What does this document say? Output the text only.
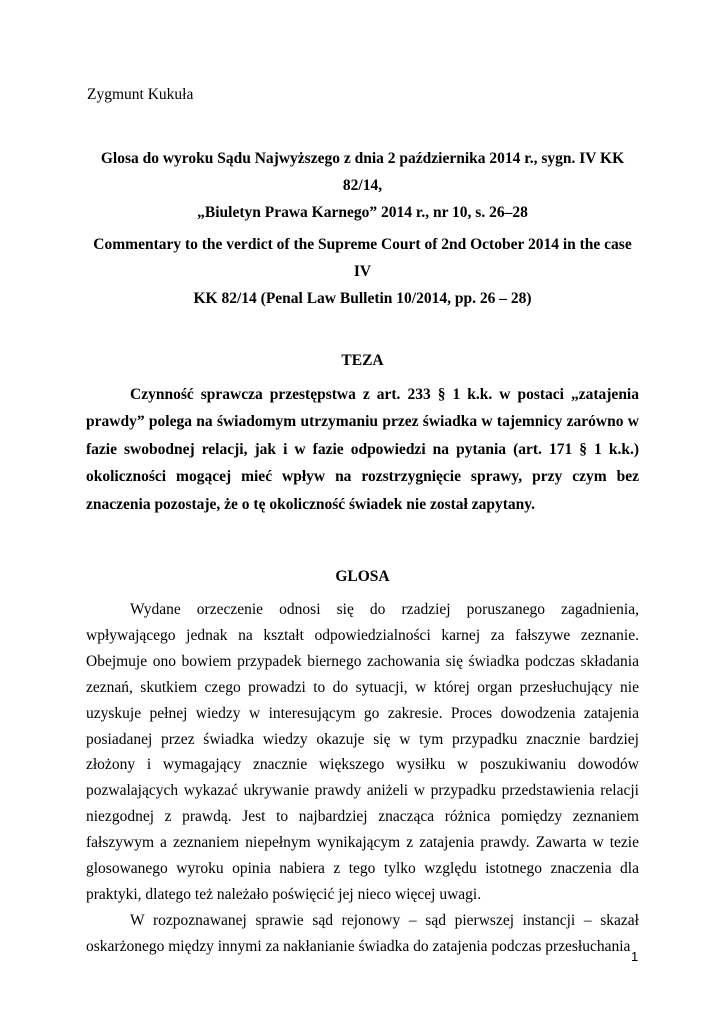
Zygmunt Kukuła
Glosa do wyroku Sądu Najwyższego z dnia 2 października 2014 r., sygn. IV KK 82/14,
„Biuletyn Prawa Karnego” 2014 r., nr 10, s. 26–28
Commentary to the verdict of the Supreme Court of 2nd October 2014 in the case IV
KK 82/14 (Penal Law Bulletin 10/2014, pp. 26 – 28)
TEZA

Czynność sprawcza przestępstwa z art. 233 § 1 k.k. w postaci „zatajenia prawdy” polega na świadomym utrzymaniu przez świadka w tajemnicy zarówno w fazie swobodnej relacji, jak i w fazie odpowiedzi na pytania (art. 171 § 1 k.k.) okoliczności mogącej mieć wpływ na rozstrzygnięcie sprawy, przy czym bez znaczenia pozostaje, że o tę okoliczność świadek nie został zapytany.

GLOSA

Wydane orzeczenie odnosi się do rzadziej poruszanego zagadnienia, wpływającego jednak na kształt odpowiedzialności karnej za fałszywe zeznanie. Obejmuje ono bowiem przypadek biernego zachowania się świadka podczas składania zeznań, skutkiem czego prowadzi to do sytuacji, w której organ przesłuchujący nie uzyskuje pełnej wiedzy w interesującym go zakresie. Proces dowodzenia zatajenia posiadanej przez świadka wiedzy okazuje się w tym przypadku znacznie bardziej złożony i wymagający znacznie większego wysiłku w poszukiwaniu dowodów pozwalających wykazać ukrywanie prawdy aniżeli w przypadku przedstawienia relacji niezgodnej z prawdą. Jest to najbardziej znacząca różnica pomiędzy zeznaniem fałszywym a zeznaniem niepełnym wynikającym z zatajenia prawdy. Zawarta w tezie glosowanego wyroku opinia nabiera z tego tylko względu istotnego znaczenia dla praktyki, dlatego też należało poświęcić jej nieco więcej uwagi.

W rozpoznawanej sprawie sąd rejonowy – sąd pierwszej instancji – skazał oskarżonego między innymi za nakłanianie świadka do zatajenia podczas przesłuchania

1
